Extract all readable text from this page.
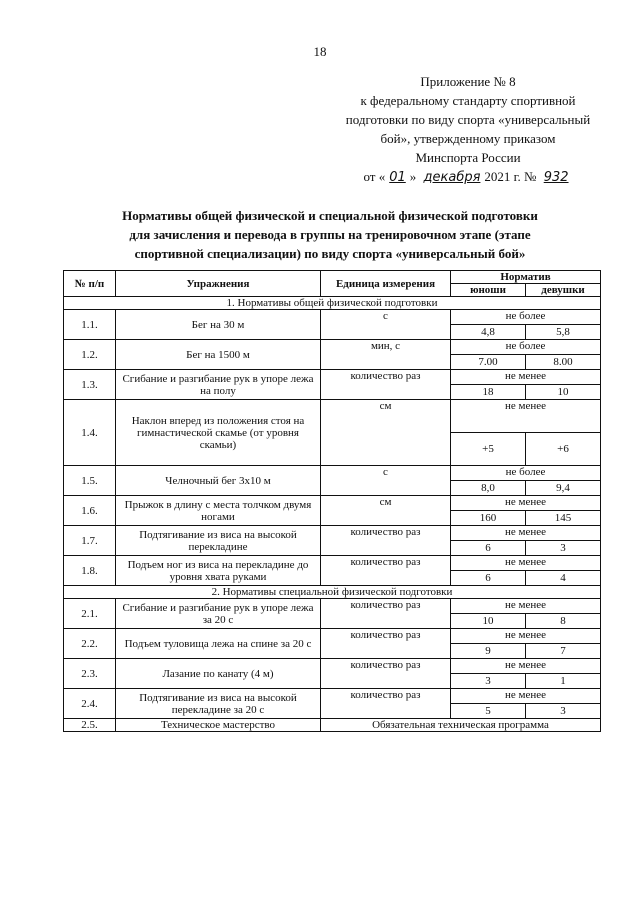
18
Приложение № 8
к федеральному стандарту спортивной
подготовки по виду спорта «универсальный
бой», утвержденному приказом
Минспорта России
от « 01 » декабря 2021 г. № 932
Нормативы общей физической и специальной физической подготовки
для зачисления и перевода в группы на тренировочном этапе (этапе
спортивной специализации) по виду спорта «универсальный бой»
№ п/п	Упражнения	Единица измерения	Норматив	
			юноши	девушки
1. Нормативы общей физической подготовки				
1.1.	Бег на 30 м	с	не более	
			4,8	5,8
1.2.	Бег на 1500 м	мин, с	не более	
			7.00	8.00
1.3.	Сгибание и разгибание рук в упоре лежа на полу	количество раз	не менее	
			18	10
1.4.	Наклон вперед из положения стоя на гимнастической скамье (от уровня скамьи)	см	не менее	
			+5	+6
1.5.	Челночный бег 3х10 м	с	не более	
			8,0	9,4
1.6.	Прыжок в длину с места толчком двумя ногами	см	не менее	
			160	145
1.7.	Подтягивание из виса на высокой перекладине	количество раз	не менее	
			6	3
1.8.	Подъем ног из виса на перекладине до уровня хвата руками	количество раз	не менее	
			6	4
2. Нормативы специальной физической подготовки				
2.1.	Сгибание и разгибание рук в упоре лежа за 20 с	количество раз	не менее	
			10	8
2.2.	Подъем туловища лежа на спине за 20 с	количество раз	не менее	
			9	7
2.3.	Лазание по канату (4 м)	количество раз	не менее	
			3	1
2.4.	Подтягивание из виса на высокой перекладине за 20 с	количество раз	не менее	
			5	3
2.5.	Техническое мастерство	Обязательная техническая программа		
